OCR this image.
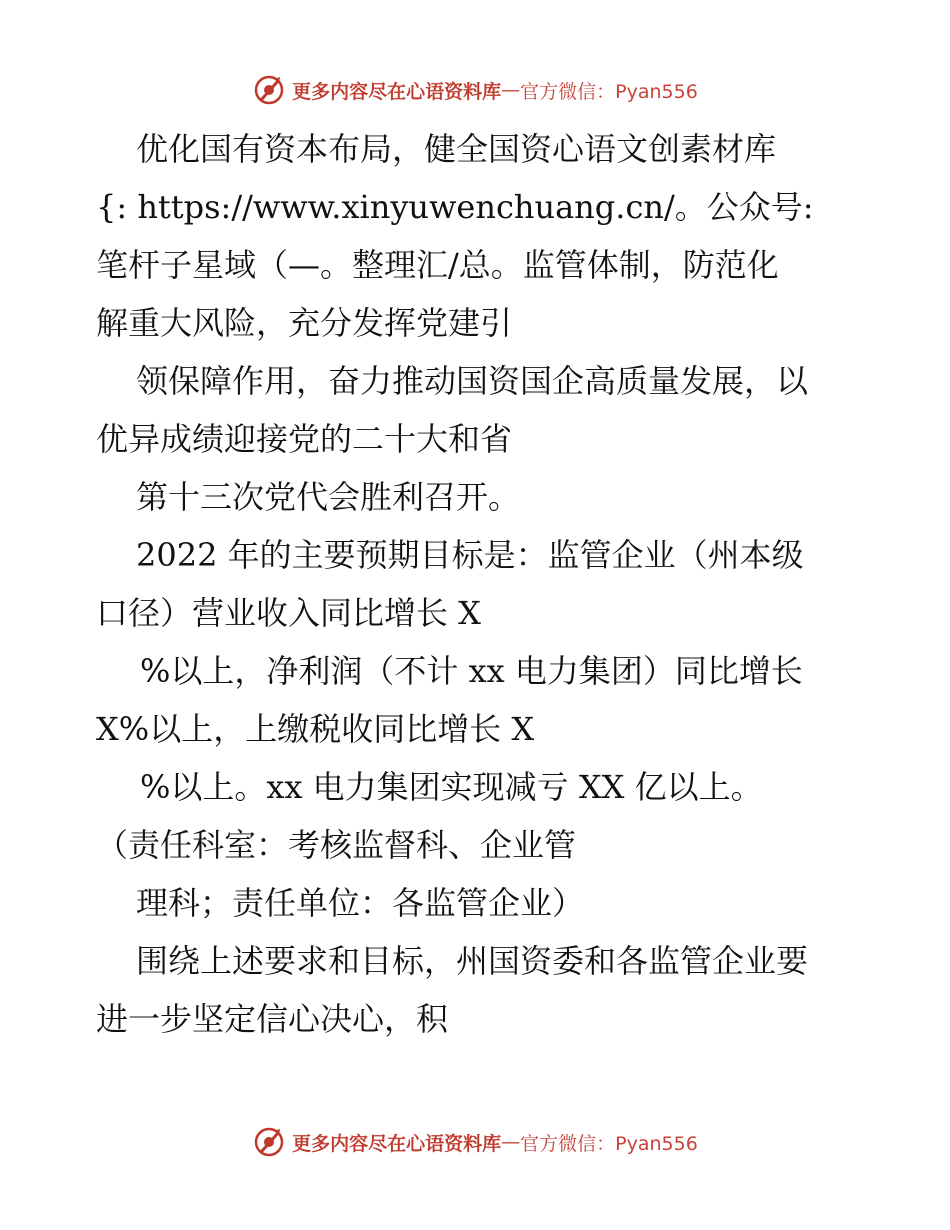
更多内容尽在心语资料库 — 官方微信：Pyan556
优化国有资本布局，健全国资心语文创素材库
{: https://www.xinyuwenchuang.cn/。公众号:
笔杆子星域（—。整理汇/总。监管体制，防范化
解重大风险，充分发挥党建引
领保障作用，奋力推动国资国企高质量发展，以
优异成绩迎接党的二十大和省
第十三次党代会胜利召开。
2022 年的主要预期目标是：监管企业（州本级
口径）营业收入同比增长 X
%以上，净利润（不计 xx 电力集团）同比增长
X%以上，上缴税收同比增长 X
%以上。xx 电力集团实现减亏 XX 亿以上。
（责任科室：考核监督科、企业管
理科；责任单位：各监管企业）
围绕上述要求和目标，州国资委和各监管企业要
进一步坚定信心决心，积
更多内容尽在心语资料库 — 官方微信：Pyan556
